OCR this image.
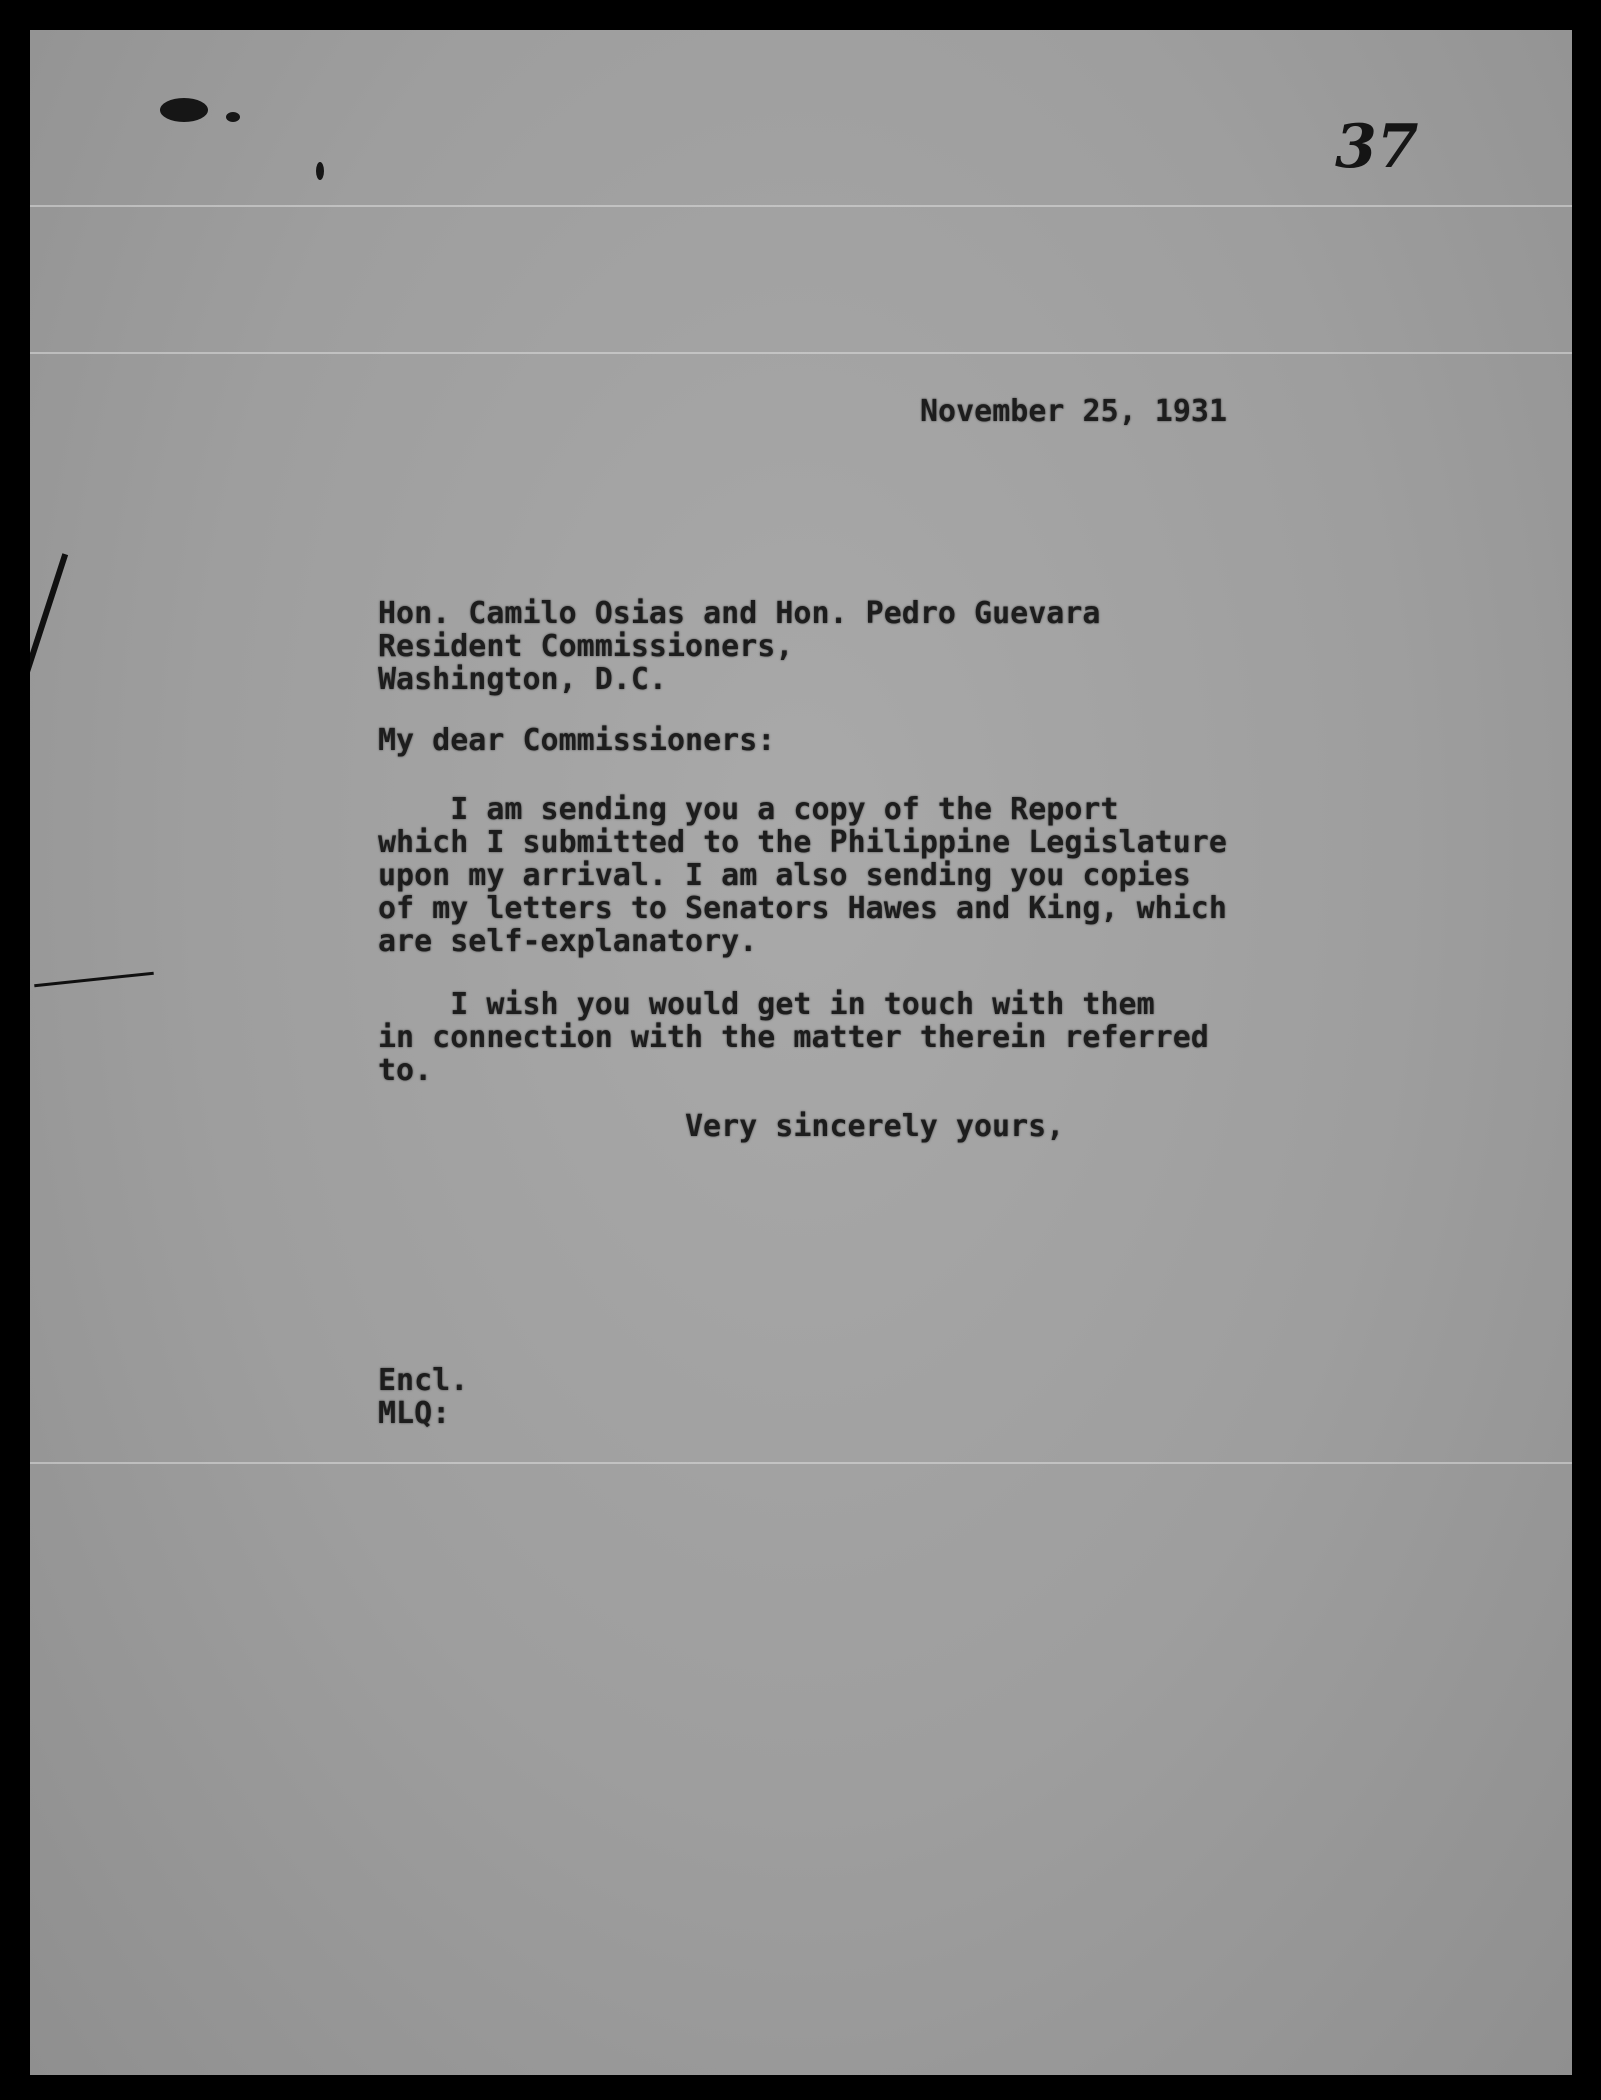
37
November 25, 1931
Hon. Camilo Osias and Hon. Pedro Guevara
Resident Commissioners,
Washington, D.C.
My dear Commissioners:
I am sending you a copy of the Report
which I submitted to the Philippine Legislature
upon my arrival. I am also sending you copies
of my letters to Senators Hawes and King, which
are self-explanatory.
I wish you would get in touch with them
in connection with the matter therein referred
to.
Very sincerely yours,
Encl.
MLQ:
